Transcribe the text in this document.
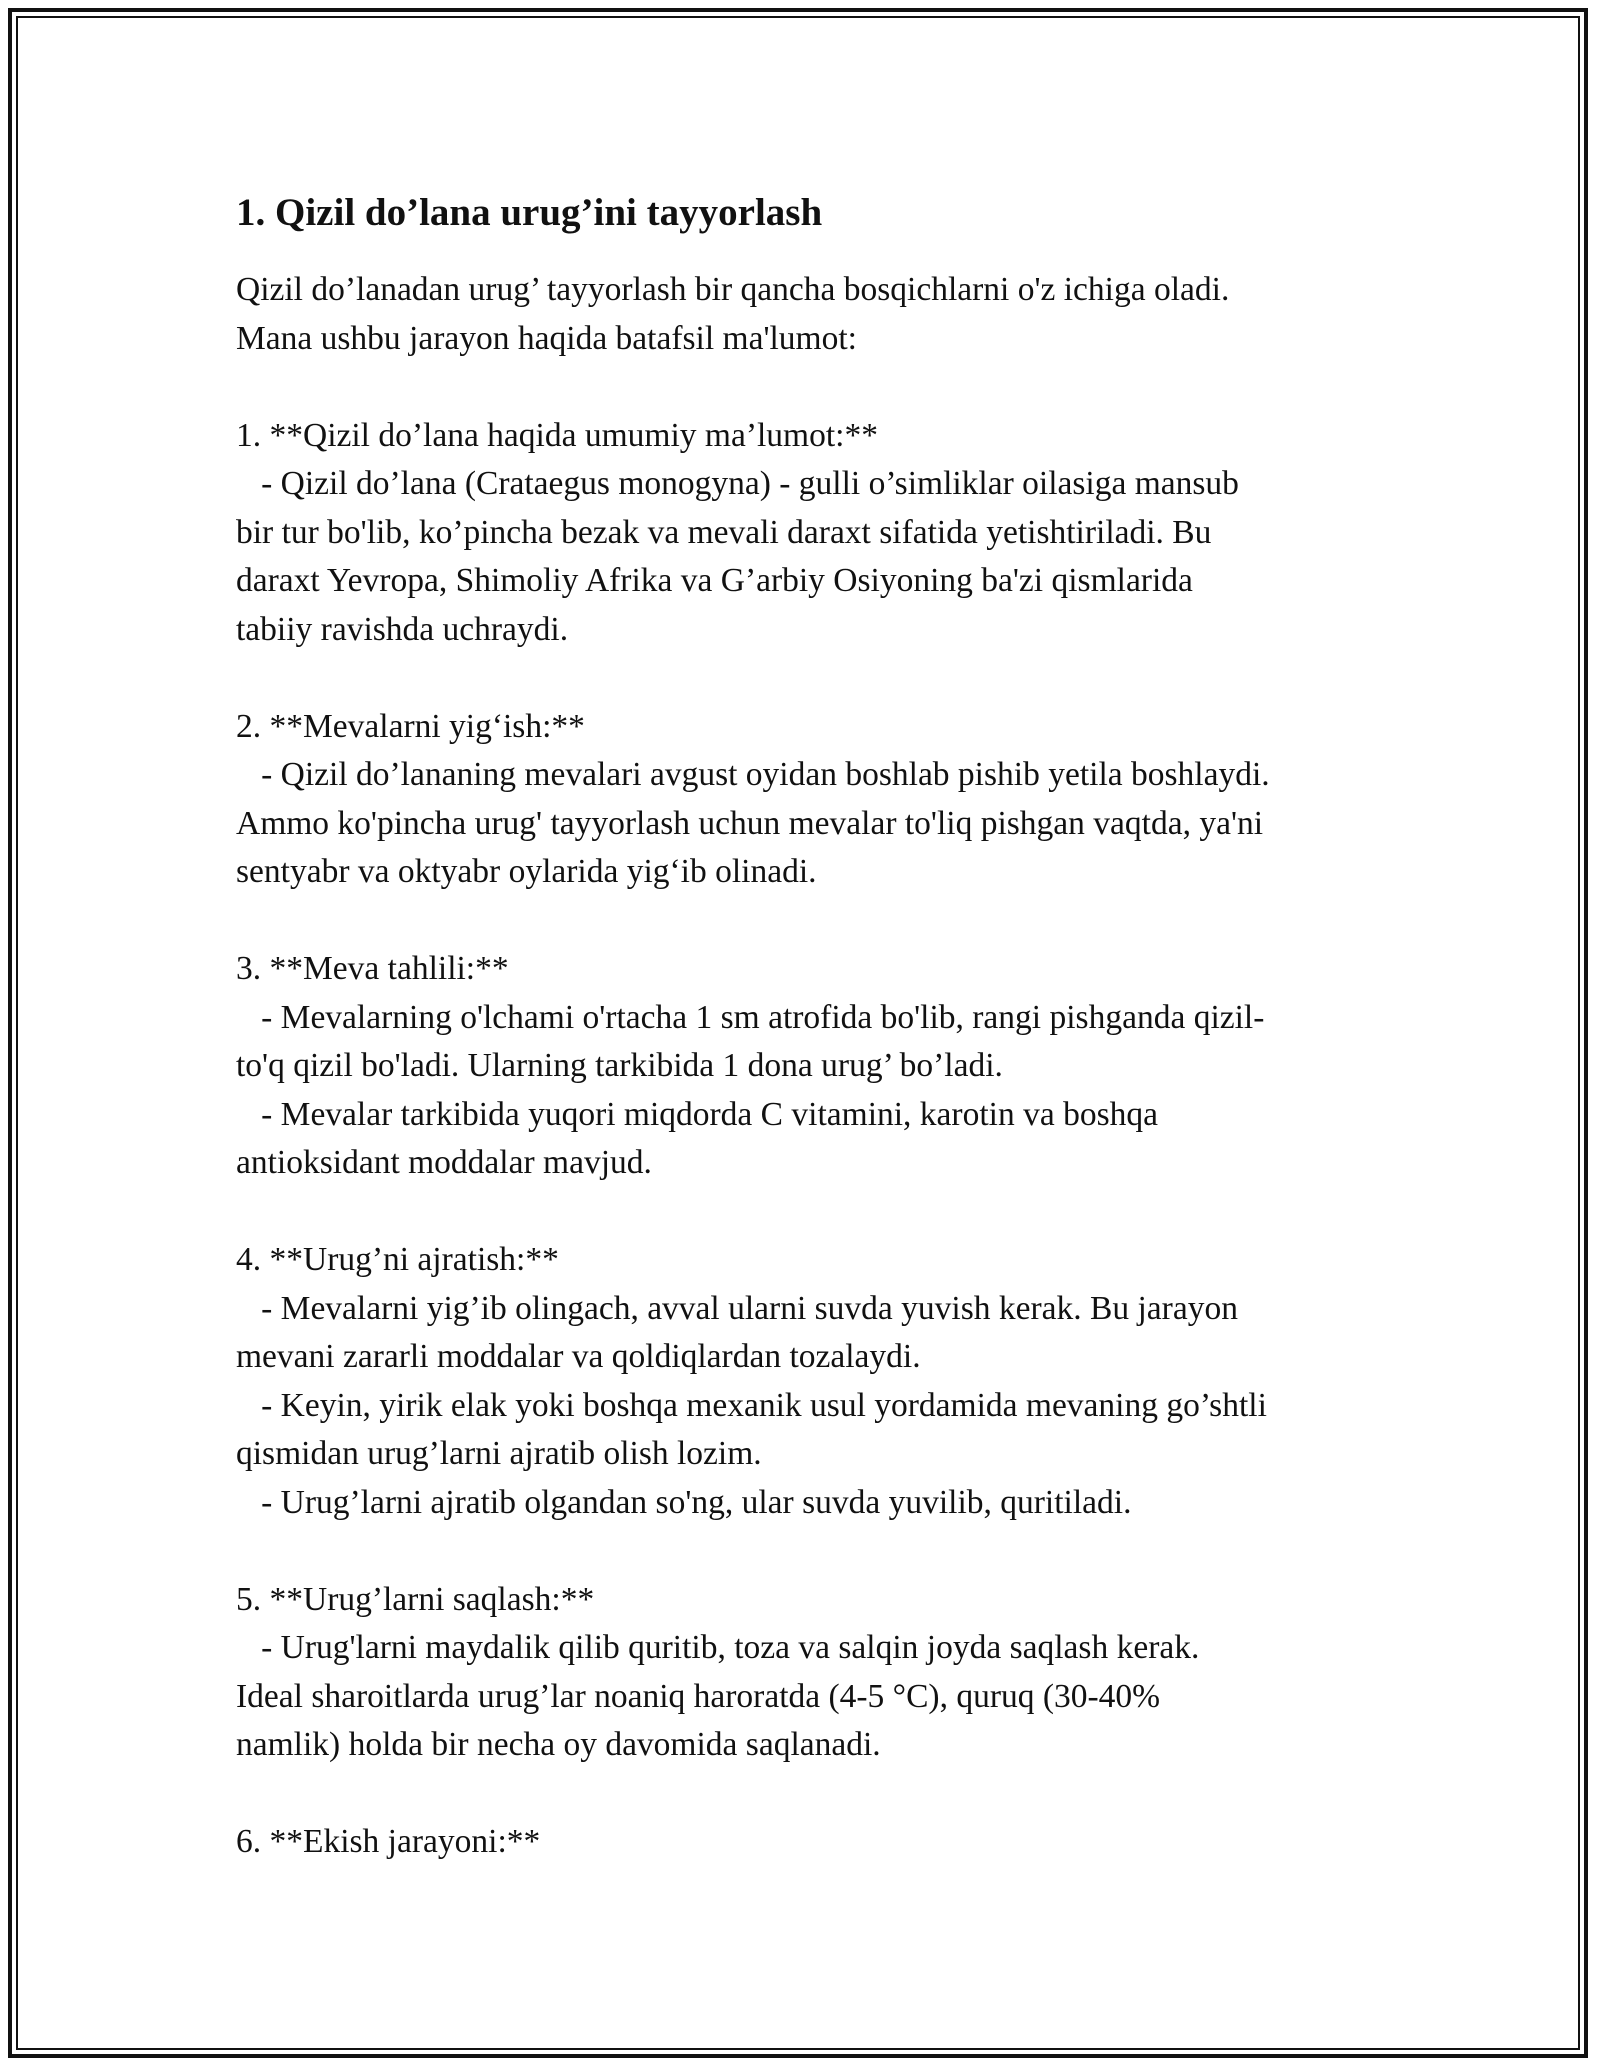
1. Qizil do’lana urug’ini tayyorlash
Qizil do’lanadan urug’ tayyorlash bir qancha bosqichlarni o'z ichiga oladi.
Mana ushbu jarayon haqida batafsil ma'lumot:
1. **Qizil do’lana haqida umumiy ma’lumot:**
- Qizil do’lana (Crataegus monogyna) - gulli o’simliklar oilasiga mansub
bir tur bo'lib, ko’pincha bezak va mevali daraxt sifatida yetishtiriladi. Bu
daraxt Yevropa, Shimoliy Afrika va G’arbiy Osiyoning ba'zi qismlarida
tabiiy ravishda uchraydi.
2. **Mevalarni yig‘ish:**
- Qizil do’lananing mevalari avgust oyidan boshlab pishib yetila boshlaydi.
Ammo ko'pincha urug' tayyorlash uchun mevalar to'liq pishgan vaqtda, ya'ni
sentyabr va oktyabr oylarida yig‘ib olinadi.
3. **Meva tahlili:**
- Mevalarning o'lchami o'rtacha 1 sm atrofida bo'lib, rangi pishganda qizil-
to'q qizil bo'ladi. Ularning tarkibida 1 dona urug’ bo’ladi.
- Mevalar tarkibida yuqori miqdorda C vitamini, karotin va boshqa
antioksidant moddalar mavjud.
4. **Urug’ni ajratish:**
- Mevalarni yig’ib olingach, avval ularni suvda yuvish kerak. Bu jarayon
mevani zararli moddalar va qoldiqlardan tozalaydi.
- Keyin, yirik elak yoki boshqa mexanik usul yordamida mevaning go’shtli
qismidan urug’larni ajratib olish lozim.
- Urug’larni ajratib olgandan so'ng, ular suvda yuvilib, quritiladi.
5. **Urug’larni saqlash:**
- Urug'larni maydalik qilib quritib, toza va salqin joyda saqlash kerak.
Ideal sharoitlarda urug’lar noaniq haroratda (4-5 °C), quruq (30-40%
namlik) holda bir necha oy davomida saqlanadi.
6. **Ekish jarayoni:**
